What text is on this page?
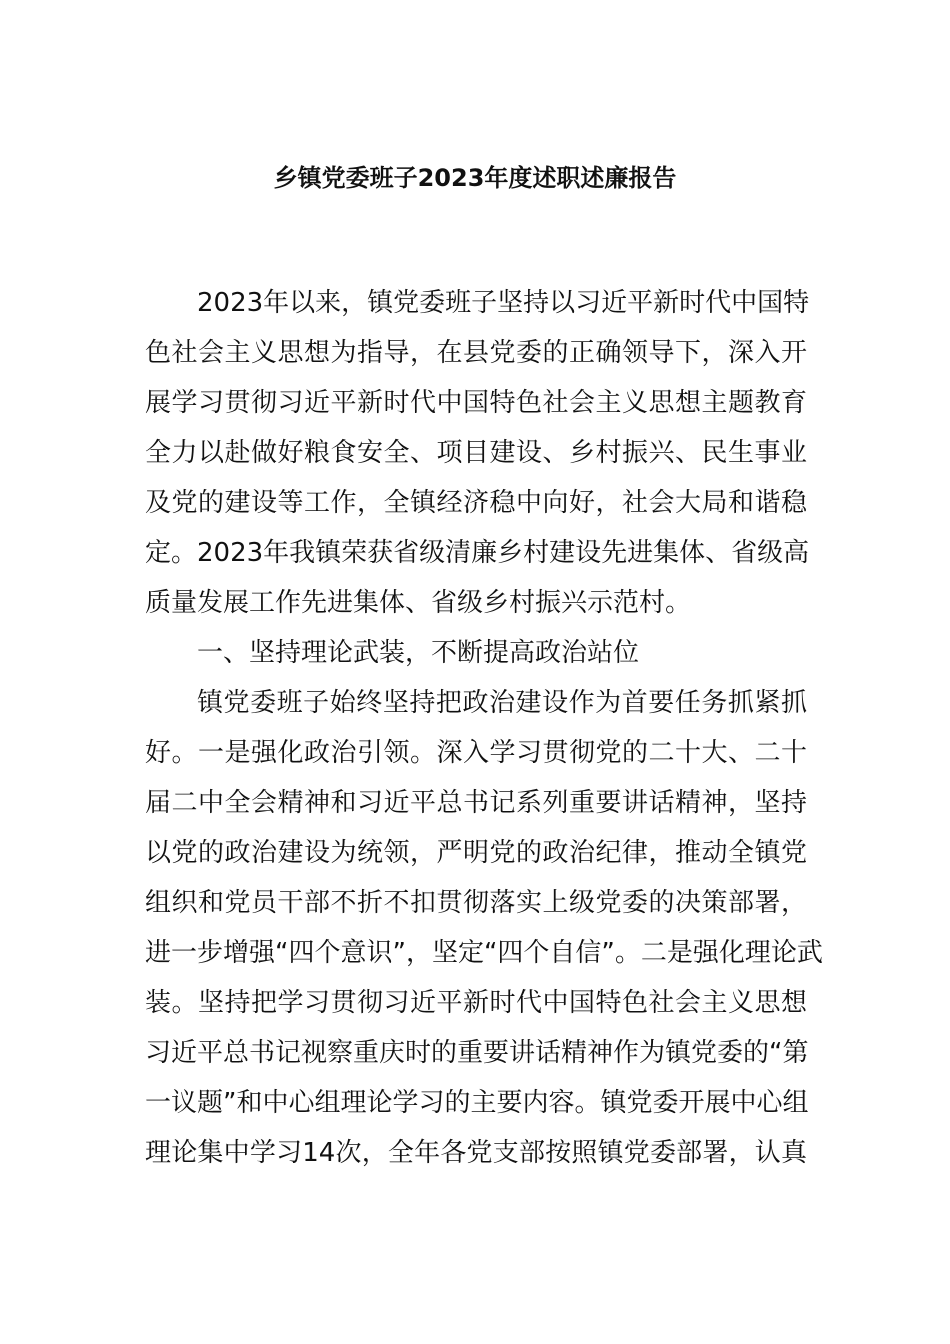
乡镇党委班子2023年度述职述廉报告
2023年以来，镇党委班子坚持以习近平新时代中国特
色社会主义思想为指导，在县党委的正确领导下，深入开
展学习贯彻习近平新时代中国特色社会主义思想主题教育
全力以赴做好粮食安全、项目建设、乡村振兴、民生事业
及党的建设等工作，全镇经济稳中向好，社会大局和谐稳
定。2023年我镇荣获省级清廉乡村建设先进集体、省级高
质量发展工作先进集体、省级乡村振兴示范村。
一、坚持理论武装，不断提高政治站位
镇党委班子始终坚持把政治建设作为首要任务抓紧抓
好。一是强化政治引领。深入学习贯彻党的二十大、二十
届二中全会精神和习近平总书记系列重要讲话精神，坚持
以党的政治建设为统领，严明党的政治纪律，推动全镇党
组织和党员干部不折不扣贯彻落实上级党委的决策部署，
进一步增强“四个意识”，坚定“四个自信”。二是强化理论武
装。坚持把学习贯彻习近平新时代中国特色社会主义思想
习近平总书记视察重庆时的重要讲话精神作为镇党委的“第
一议题”和中心组理论学习的主要内容。镇党委开展中心组
理论集中学习14次，全年各党支部按照镇党委部署，认真
